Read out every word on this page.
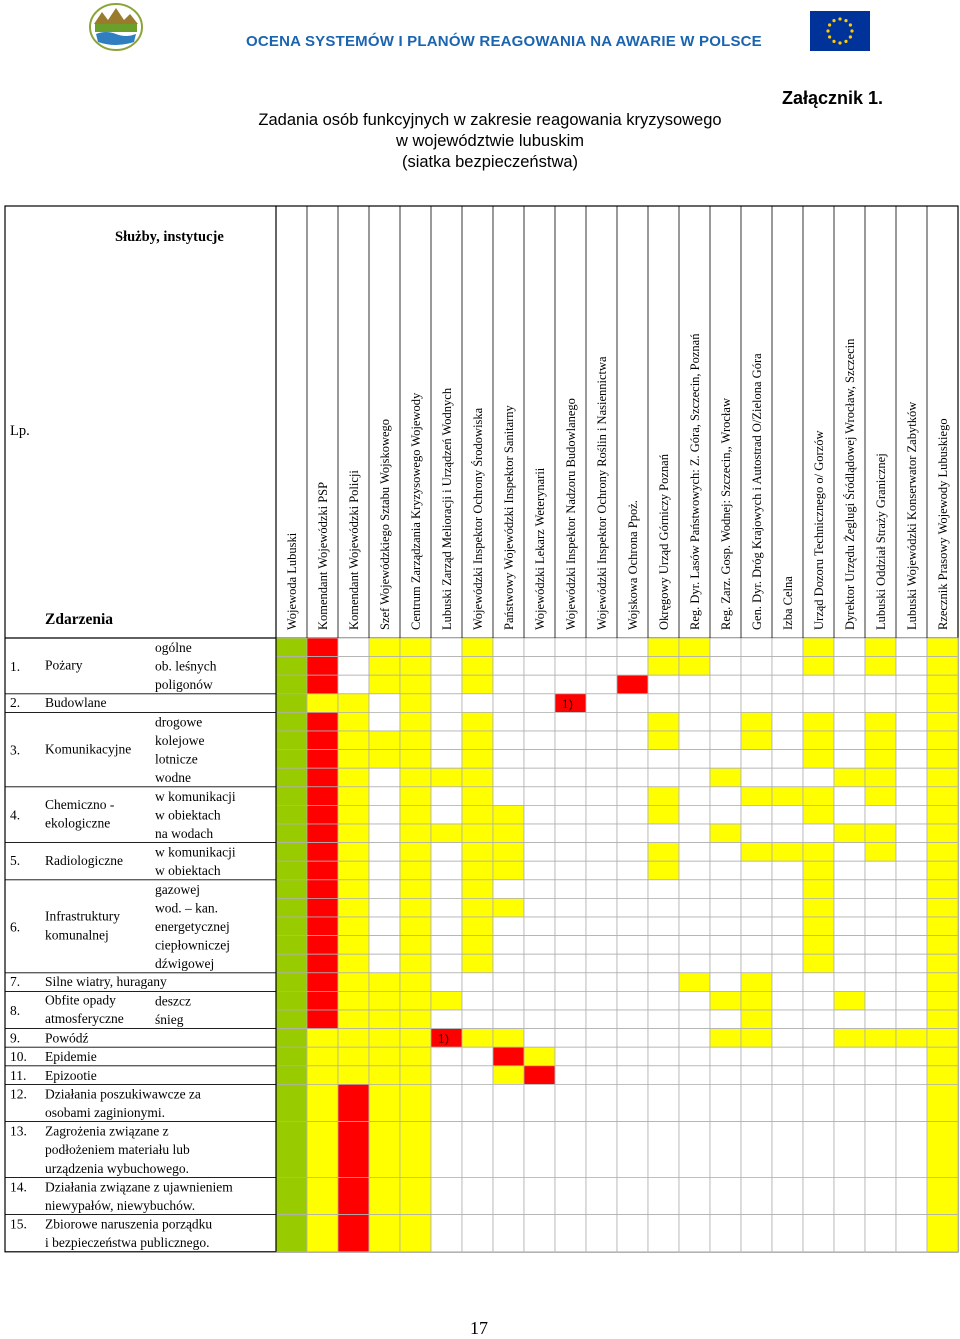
OCENA SYSTEMÓW I PLANÓW REAGOWANIA NA AWARIE W POLSCE
Załącznik 1.
Zadania osób funkcyjnych w zakresie reagowania kryzysowego
w województwie lubuskim
(siatka bezpieczeństwa)
Służby, instytucje
Lp.
Zdarzenia
ogólne
1. Pożary	ob. leśnych
poligonów
1)
2. Budowlane
drogowe
3. Komunikacyjne
kolejowe
lotnicze
wodne
w komunikacji
4.
Chemiczno -
ekologiczne
w obiektach
na wodach
w komunikacji
5. Radiologiczne
w obiektach
gazowej
6.
Infrastruktury
komunalnej
wod. – kan.
energetycznej
ciepłowniczej
dźwigowej
7. Silne wiatry, huragany
deszcz
8.
Obfite opady
atmosferyczne śnieg
1)
9. Powódź
10. Epidemie
11. Epizootie
12. Działania poszukiwawcze za
osobami zaginionymi.
13. Zagrożenia związane z
podłożeniem materiału lub
urządzenia wybuchowego.
14. Działania związane z ujawnieniem
niewypałów, niewybuchów.
15. Zbiorowe naruszenia porządku
i bezpieczeństwa publicznego.
Wojewoda Lubuski Komendant Wojewódzki PSP Komendant Wojewódzki Policji Szef Wojewódzkiego Sztabu Wojskowego Centrum Zarządzania Kryzysowego Wojewody Lubuski Zarząd Melioracji i Urządzeń Wodnych Wojewódzki Inspektor Ochrony Środowiska Państwowy Wojewódzki Inspektor Sanitarny Wojewódzki Lekarz Weterynarii Wojewódzki Inspektor Nadzoru Budowlanego Wojewódzki Inspektor Ochrony Roślin i Nasiennictwa Wojskowa Ochrona Ppoż. Okręgowy Urząd Górniczy Poznań Reg. Dyr. Lasów Państwowych: Z. Góra, Szczecin, Poznań Reg. Zarz. Gosp. Wodnej: Szczecin,, Wrocław Gen. Dyr. Dróg Krajowych i Autostrad O/Zielona Góra Izba Celna Urząd Dozoru Technicznego o/ Gorzów Dyrektor Urzędu Żeglugi Śródlądowej Wrocław, Szczecin Lubuski Oddział Straży Granicznej Lubuski Wojewódzki Konserwator Zabytków Rzecznik Prasowy Wojewody Lubuskiego
17
